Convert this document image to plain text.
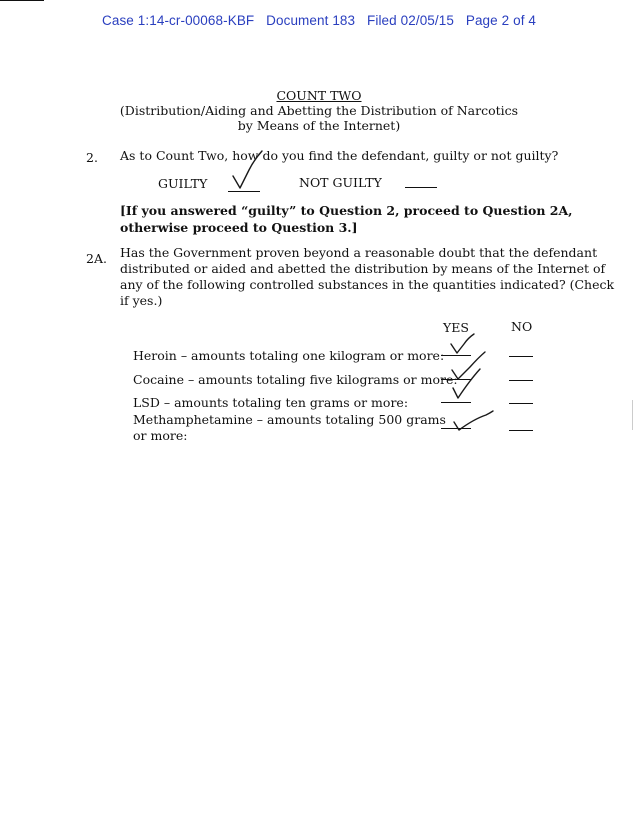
Case 1:14-cr-00068-KBF Document 183 Filed 02/05/15 Page 2 of 4
COUNT TWO
(Distribution/Aiding and Abetting the Distribution of Narcotics
by Means of the Internet)
2. As to Count Two, how do you find the defendant, guilty or not guilty?
GUILTY	NOT GUILTY
[If you answered “guilty” to Question 2, proceed to Question 2A,
otherwise proceed to Question 3.]
2A. Has the Government proven beyond a reasonable doubt that the defendant
distributed or aided and abetted the distribution by means of the Internet of
any of the following controlled substances in the quantities indicated? (Check
if yes.)
YES	NO
Heroin – amounts totaling one kilogram or more:
Cocaine – amounts totaling five kilograms or more:
LSD – amounts totaling ten grams or more:
Methamphetamine – amounts totaling 500 grams
or more:
